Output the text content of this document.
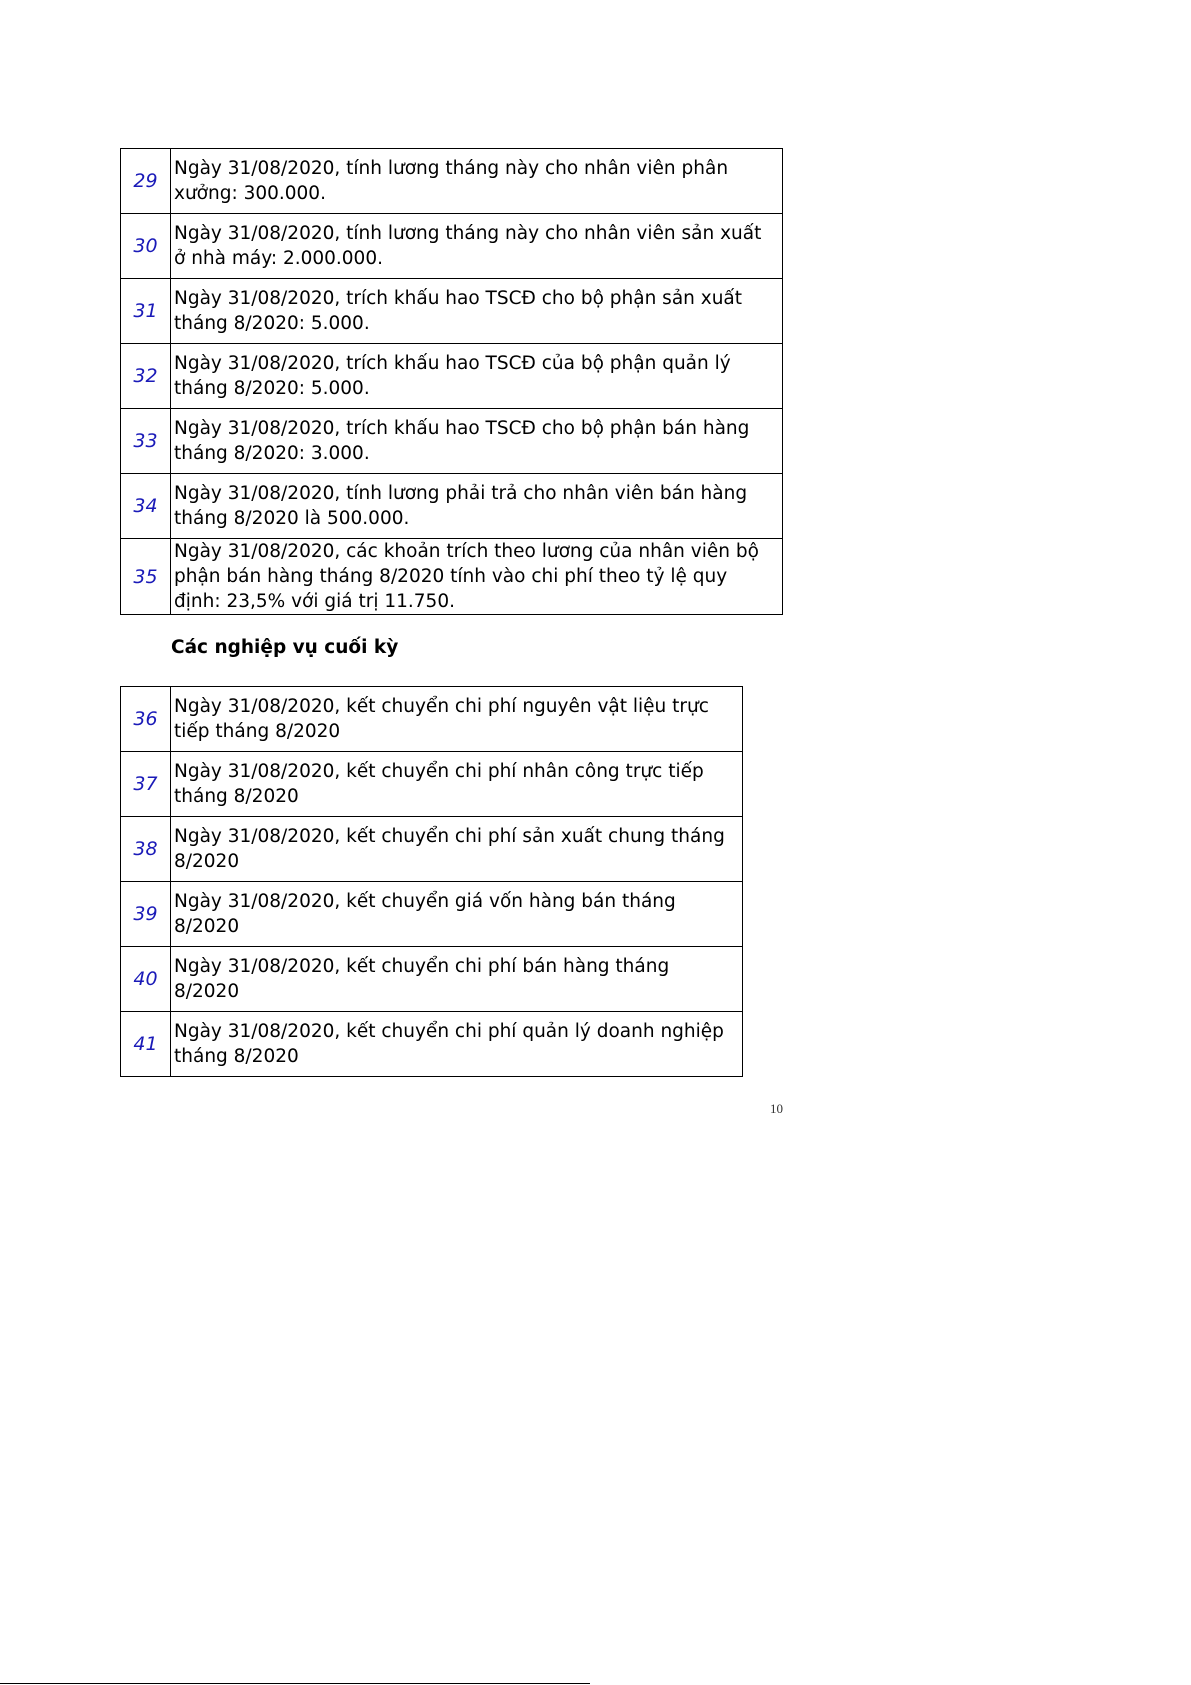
29	Ngày 31/08/2020, tính lương tháng này cho nhân viên phân xưởng: 300.000.
30	Ngày 31/08/2020, tính lương tháng này cho nhân viên sản xuất ở nhà máy: 2.000.000.
31	Ngày 31/08/2020, trích khấu hao TSCĐ cho bộ phận sản xuất tháng 8/2020: 5.000.
32	Ngày 31/08/2020, trích khấu hao TSCĐ của bộ phận quản lý tháng 8/2020: 5.000.
33	Ngày 31/08/2020, trích khấu hao TSCĐ cho bộ phận bán hàng tháng 8/2020: 3.000.
34	Ngày 31/08/2020, tính lương phải trả cho nhân viên bán hàng tháng 8/2020 là 500.000.
35	Ngày 31/08/2020, các khoản trích theo lương của nhân viên bộ phận bán hàng tháng 8/2020 tính vào chi phí theo tỷ lệ quy định: 23,5% với giá trị 11.750.

Các nghiệp vụ cuối kỳ

36	Ngày 31/08/2020, kết chuyển chi phí nguyên vật liệu trực tiếp tháng 8/2020
37	Ngày 31/08/2020, kết chuyển chi phí nhân công trực tiếp tháng 8/2020
38	Ngày 31/08/2020, kết chuyển chi phí sản xuất chung tháng 8/2020
39	Ngày 31/08/2020, kết chuyển giá vốn hàng bán tháng 8/2020
40	Ngày 31/08/2020, kết chuyển chi phí bán hàng tháng 8/2020
41	Ngày 31/08/2020, kết chuyển chi phí quản lý doanh nghiệp tháng 8/2020
10
